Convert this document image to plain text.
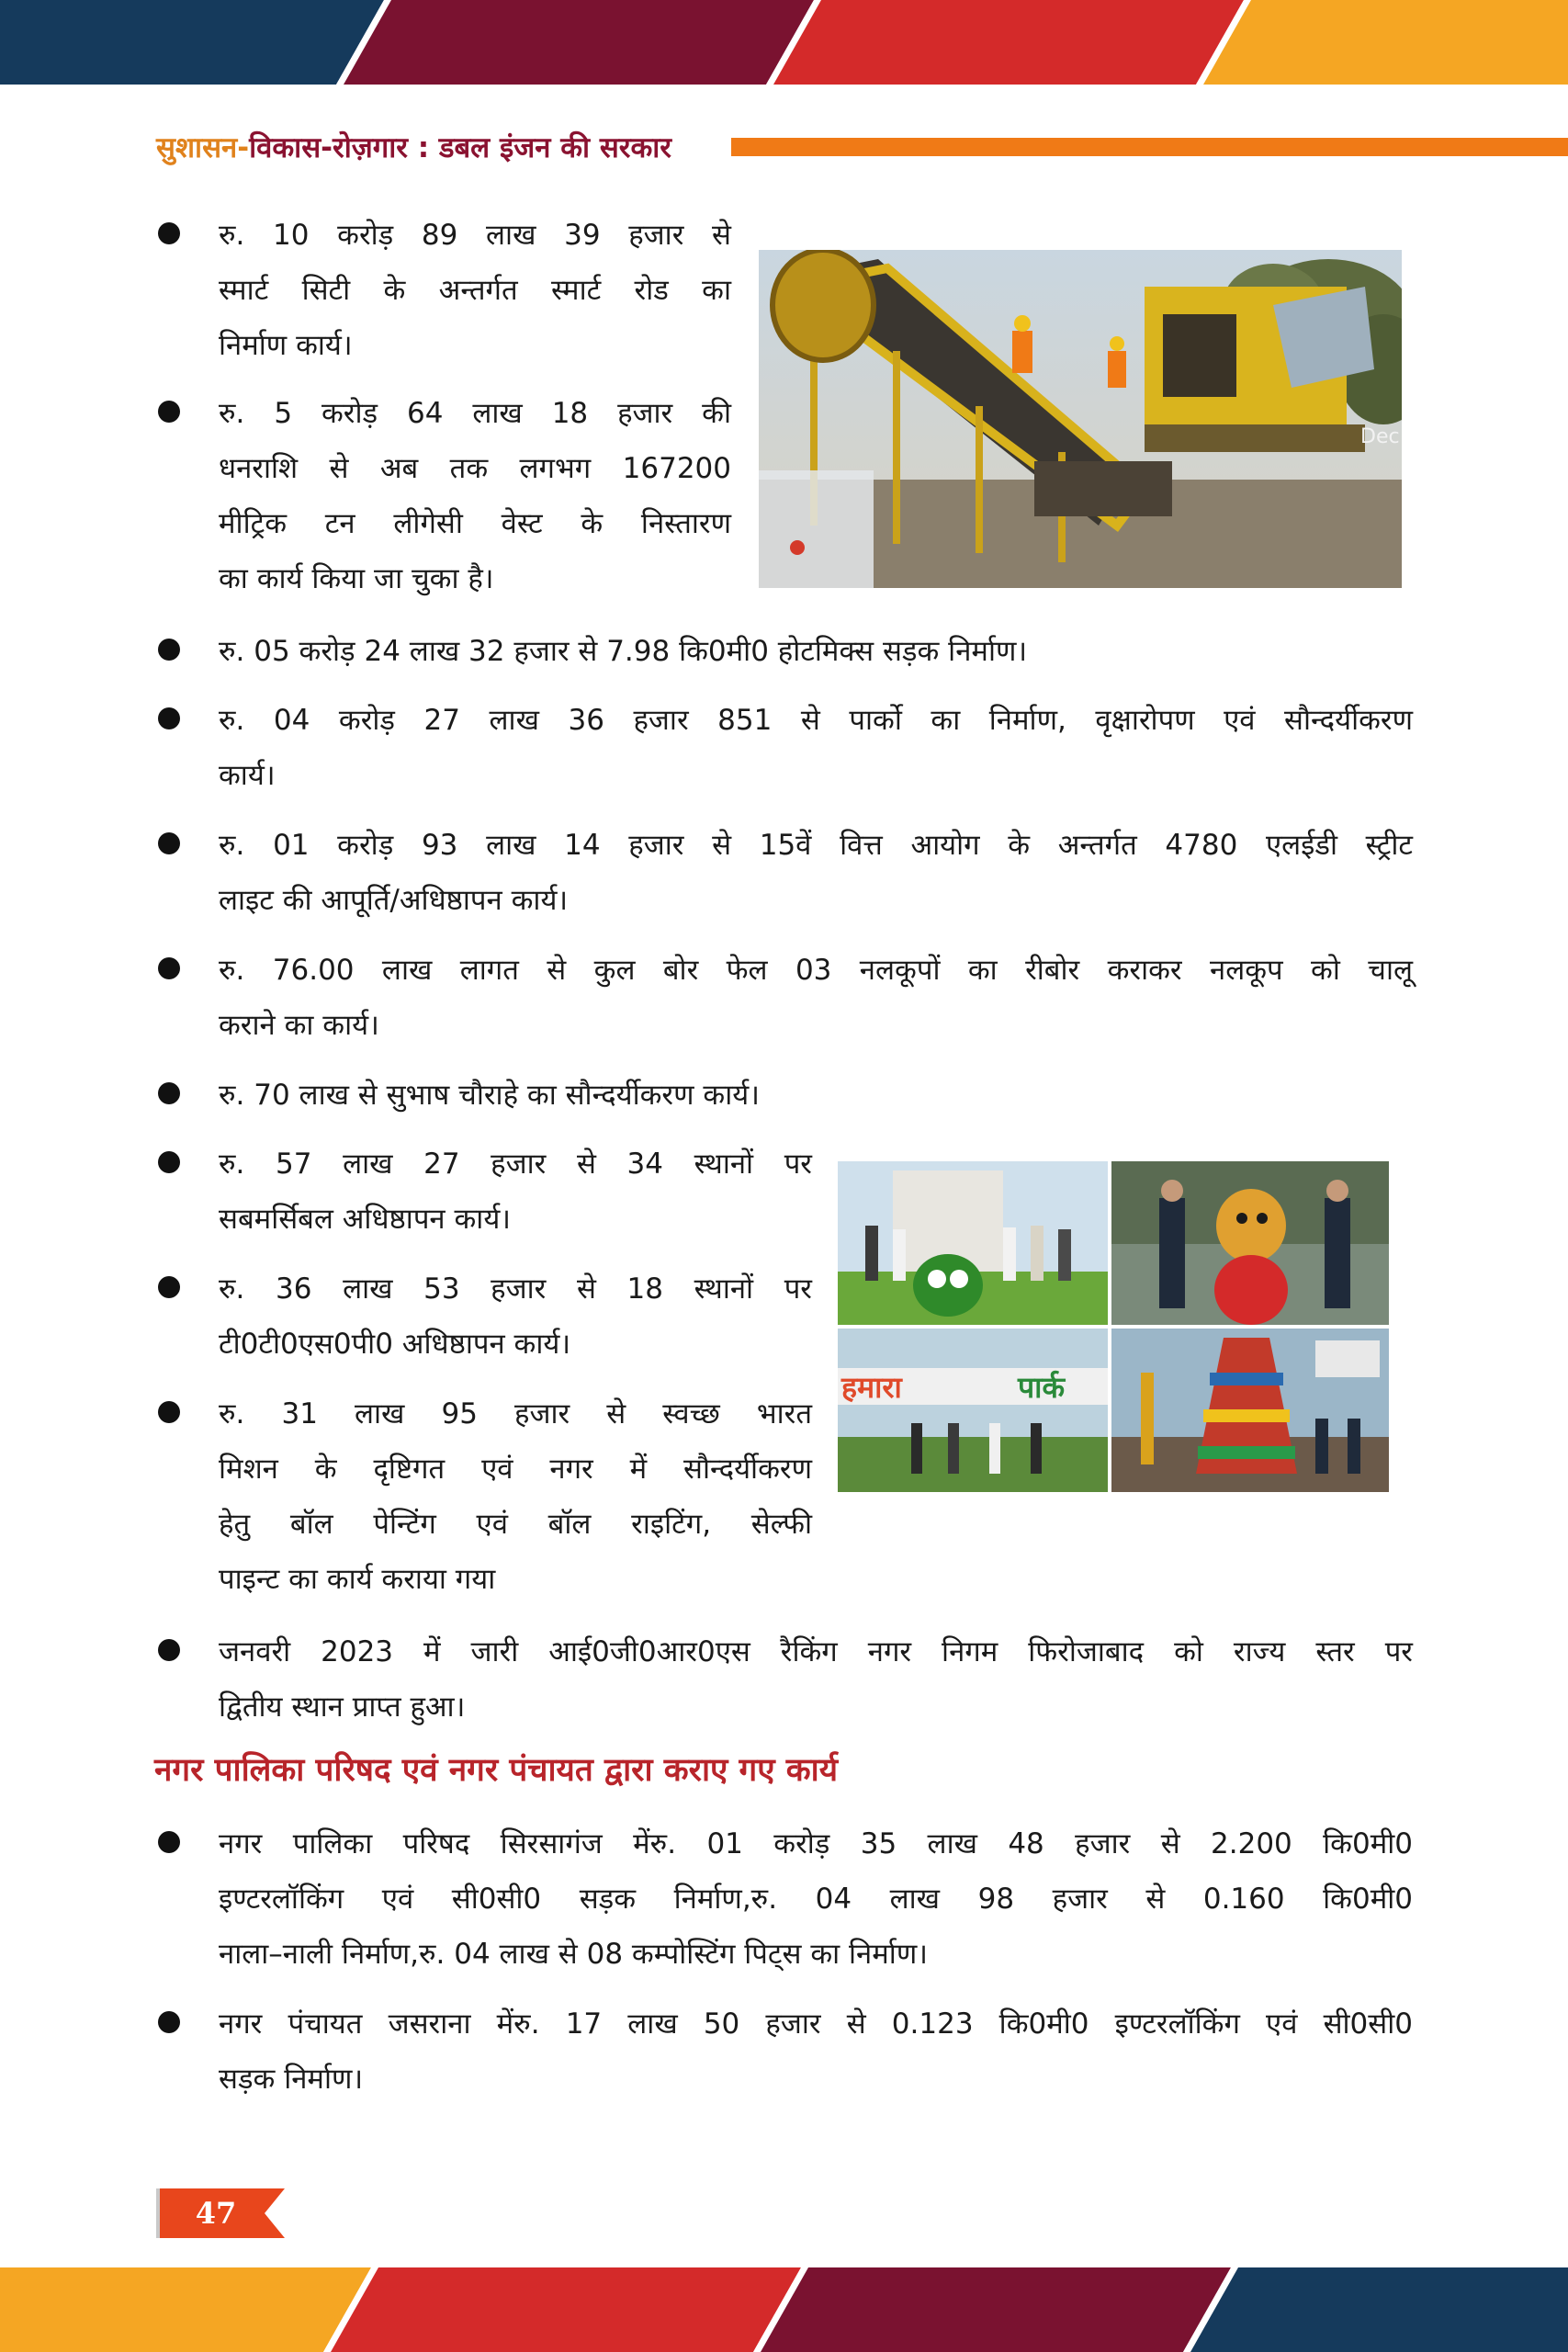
सुशासन-विकास-रोज़गार : डबल इंजन की सरकार
रु. 10 करोड़ 89 लाख 39 हजार से
स्मार्ट सिटी के अन्तर्गत स्मार्ट रोड का
निर्माण कार्य।
रु. 5 करोड़ 64 लाख 18 हजार की
धनराशि से अब तक लगभग 167200
मीट्रिक टन लीगेसी वेस्ट के निस्तारण
का कार्य किया जा चुका है।
Dec
रु. 05 करोड़ 24 लाख 32 हजार से 7.98 कि0मी0 होटमिक्स सड़क निर्माण।
रु. 04 करोड़ 27 लाख 36 हजार 851 से पार्को का निर्माण, वृक्षारोपण एवं सौन्दर्यीकरण
कार्य।
रु. 01 करोड़ 93 लाख 14 हजार से 15वें वित्त आयोग के अन्तर्गत 4780 एलईडी स्ट्रीट
लाइट की आपूर्ति/अधिष्ठापन कार्य।
रु. 76.00 लाख लागत से कुल बोर फेल 03 नलकूपों का रीबोर कराकर नलकूप को चालू
कराने का कार्य।
रु. 70 लाख से सुभाष चौराहे का सौन्दर्यीकरण कार्य।
रु. 57 लाख 27 हजार से 34 स्थानों पर
सबमर्सिबल अधिष्ठापन कार्य।
रु. 36 लाख 53 हजार से 18 स्थानों पर
टी0टी0एस0पी0 अधिष्ठापन कार्य।
रु. 31 लाख 95 हजार से स्वच्छ भारत
मिशन के दृष्टिगत एवं नगर में सौन्दर्यीकरण
हेतु बॉल पेन्टिंग एवं बॉल राइटिंग, सेल्फी
पाइन्ट का कार्य कराया गया
हमारा	पार्क
जनवरी 2023 में जारी आई0जी0आर0एस रैकिंग नगर निगम फिरोजाबाद को राज्य स्तर पर
द्वितीय स्थान प्राप्त हुआ।
नगर पालिका परिषद एवं नगर पंचायत द्वारा कराए गए कार्य
नगर पालिका परिषद सिरसागंज मेंरु. 01 करोड़ 35 लाख 48 हजार से 2.200 कि0मी0
इण्टरलॉकिंग एवं सी0सी0 सड़क निर्माण,रु. 04 लाख 98 हजार से 0.160 कि0मी0
नाला–नाली निर्माण,रु. 04 लाख से 08 कम्पोस्टिंग पिट्स का निर्माण।
नगर पंचायत जसराना मेंरु. 17 लाख 50 हजार से 0.123 कि0मी0 इण्टरलॉकिंग एवं सी0सी0
सड़क निर्माण।
47
